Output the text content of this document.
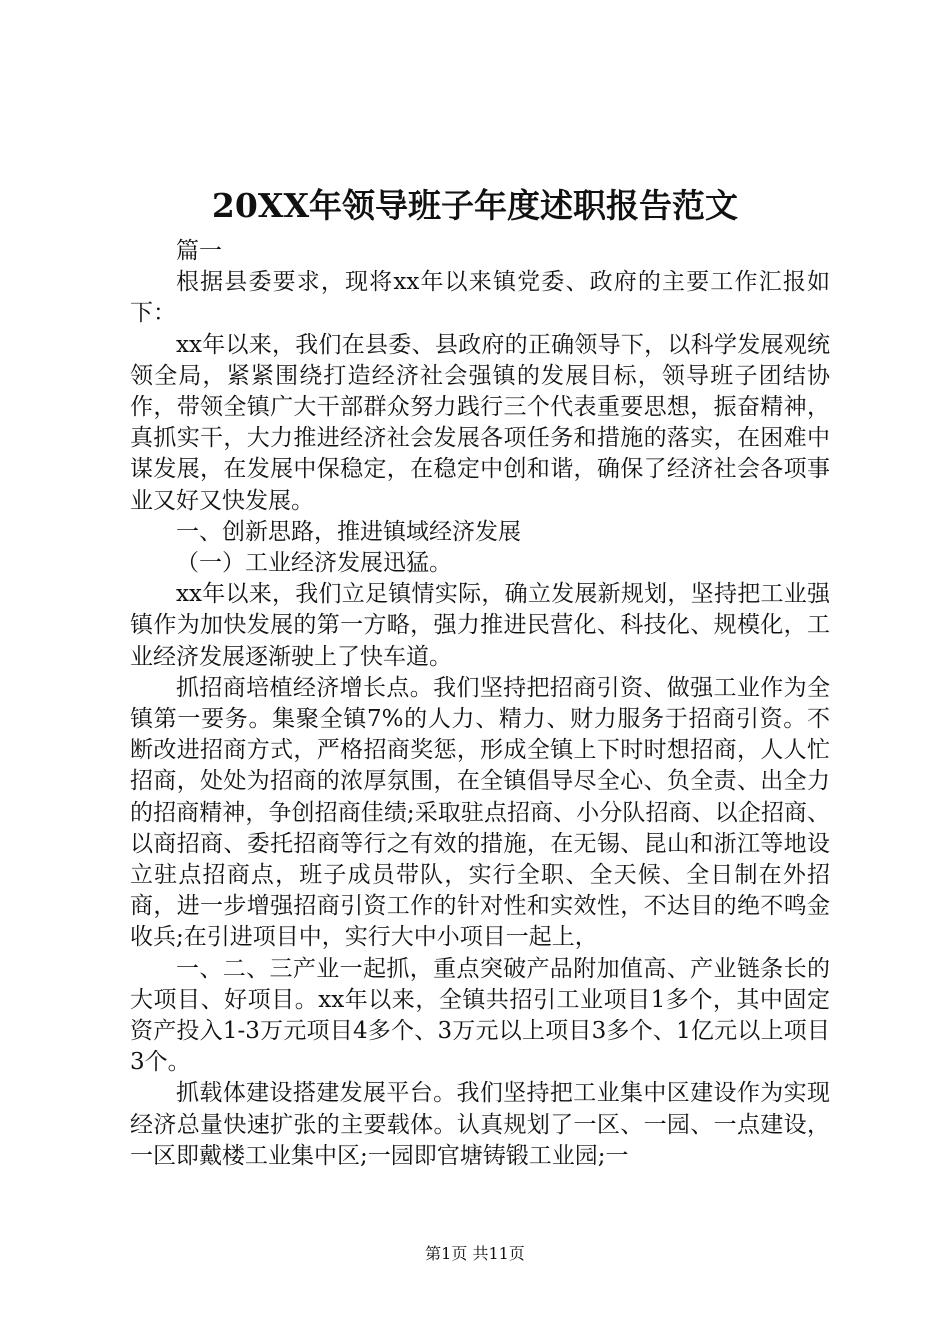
20XX年领导班子年度述职报告范文

篇一

根据县委要求，现将xx年以来镇党委、政府的主要工作汇报如下：

xx年以来，我们在县委、县政府的正确领导下，以科学发展观统领全局，紧紧围绕打造经济社会强镇的发展目标，领导班子团结协作，带领全镇广大干部群众努力践行三个代表重要思想，振奋精神，真抓实干，大力推进经济社会发展各项任务和措施的落实，在困难中谋发展，在发展中保稳定，在稳定中创和谐，确保了经济社会各项事业又好又快发展。

一、创新思路，推进镇域经济发展

（一）工业经济发展迅猛。

xx年以来，我们立足镇情实际，确立发展新规划，坚持把工业强镇作为加快发展的第一方略，强力推进民营化、科技化、规模化，工业经济发展逐渐驶上了快车道。

抓招商培植经济增长点。我们坚持把招商引资、做强工业作为全镇第一要务。集聚全镇7%的人力、精力、财力服务于招商引资。不断改进招商方式，严格招商奖惩，形成全镇上下时时想招商，人人忙招商，处处为招商的浓厚氛围，在全镇倡导尽全心、负全责、出全力的招商精神，争创招商佳绩;采取驻点招商、小分队招商、以企招商、以商招商、委托招商等行之有效的措施，在无锡、昆山和浙江等地设立驻点招商点，班子成员带队，实行全职、全天候、全日制在外招商，进一步增强招商引资工作的针对性和实效性，不达目的绝不鸣金收兵;在引进项目中，实行大中小项目一起上，

一、二、三产业一起抓，重点突破产品附加值高、产业链条长的大项目、好项目。xx年以来，全镇共招引工业项目1多个，其中固定资产投入1-3万元项目4多个、3万元以上项目3多个、1亿元以上项目3个。

抓载体建设搭建发展平台。我们坚持把工业集中区建设作为实现经济总量快速扩张的主要载体。认真规划了一区、一园、一点建设，一区即戴楼工业集中区;一园即官塘铸锻工业园;一

第1页 共11页
